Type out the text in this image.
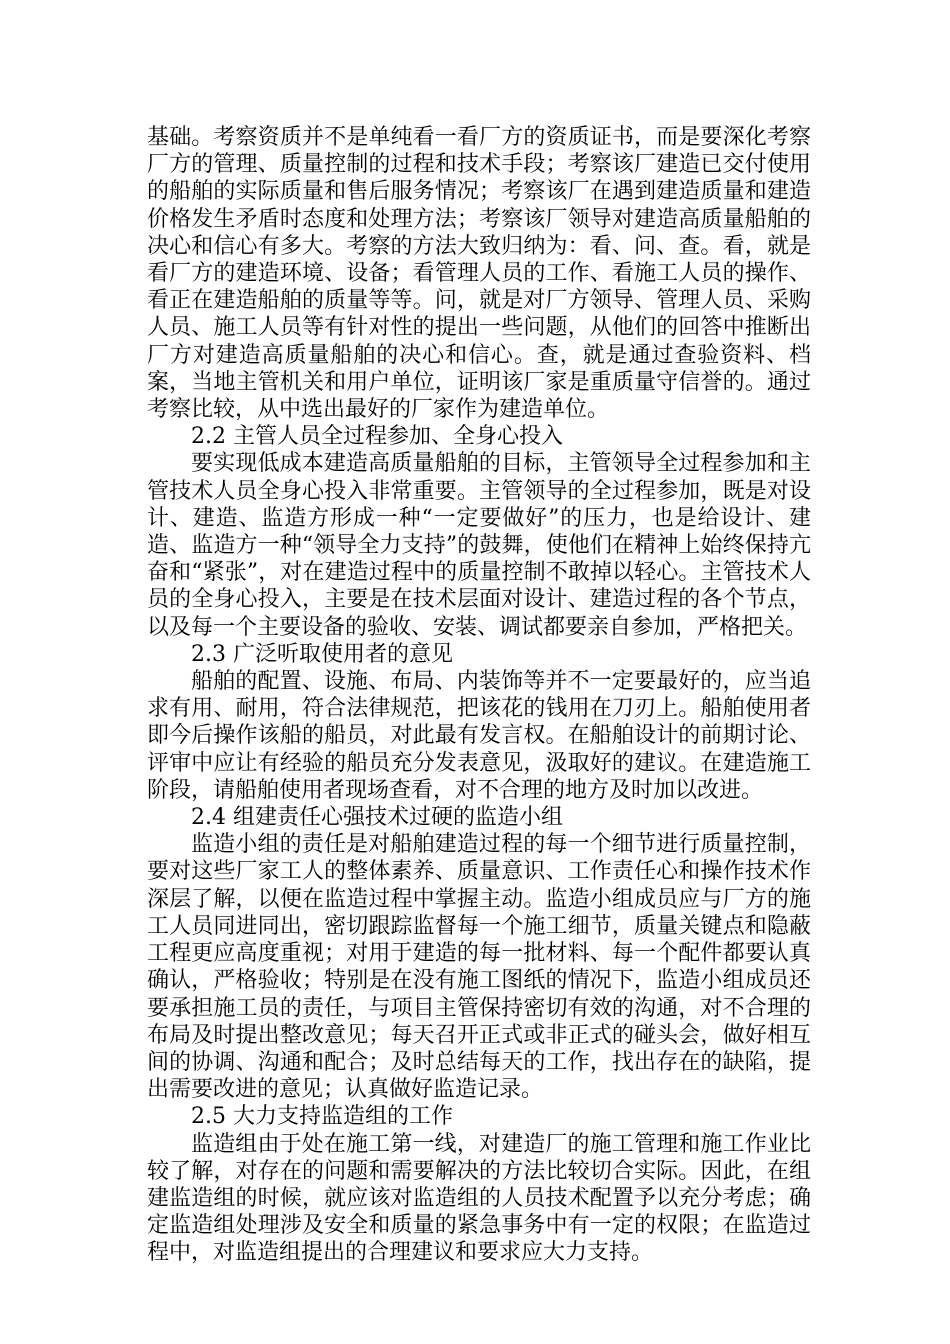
基础。考察资质并不是单纯看一看厂方的资质证书，而是要深化考察厂方的管理、质量控制的过程和技术手段；考察该厂建造已交付使用的船舶的实际质量和售后服务情况；考察该厂在遇到建造质量和建造价格发生矛盾时态度和处理方法；考察该厂领导对建造高质量船舶的决心和信心有多大。考察的方法大致归纳为：看、问、查。看，就是看厂方的建造环境、设备；看管理人员的工作、看施工人员的操作、看正在建造船舶的质量等等。问，就是对厂方领导、管理人员、采购人员、施工人员等有针对性的提出一些问题，从他们的回答中推断出厂方对建造高质量船舶的决心和信心。查，就是通过查验资料、档案，当地主管机关和用户单位，证明该厂家是重质量守信誉的。通过考察比较，从中选出最好的厂家作为建造单位。

2.2 主管人员全过程参加、全身心投入

要实现低成本建造高质量船舶的目标，主管领导全过程参加和主管技术人员全身心投入非常重要。主管领导的全过程参加，既是对设计、建造、监造方形成一种“一定要做好”的压力，也是给设计、建造、监造方一种“领导全力支持”的鼓舞，使他们在精神上始终保持亢奋和“紧张”，对在建造过程中的质量控制不敢掉以轻心。主管技术人员的全身心投入，主要是在技术层面对设计、建造过程的各个节点，以及每一个主要设备的验收、安装、调试都要亲自参加，严格把关。

2.3 广泛听取使用者的意见

船舶的配置、设施、布局、内装饰等并不一定要最好的，应当追求有用、耐用，符合法律规范，把该花的钱用在刀刃上。船舶使用者即今后操作该船的船员，对此最有发言权。在船舶设计的前期讨论、评审中应让有经验的船员充分发表意见，汲取好的建议。在建造施工阶段，请船舶使用者现场查看，对不合理的地方及时加以改进。

2.4 组建责任心强技术过硬的监造小组

监造小组的责任是对船舶建造过程的每一个细节进行质量控制，要对这些厂家工人的整体素养、质量意识、工作责任心和操作技术作深层了解，以便在监造过程中掌握主动。监造小组成员应与厂方的施工人员同进同出，密切跟踪监督每一个施工细节，质量关键点和隐蔽工程更应高度重视；对用于建造的每一批材料、每一个配件都要认真确认，严格验收；特别是在没有施工图纸的情况下，监造小组成员还要承担施工员的责任，与项目主管保持密切有效的沟通，对不合理的布局及时提出整改意见；每天召开正式或非正式的碰头会，做好相互间的协调、沟通和配合；及时总结每天的工作，找出存在的缺陷，提出需要改进的意见；认真做好监造记录。

2.5 大力支持监造组的工作

监造组由于处在施工第一线，对建造厂的施工管理和施工作业比较了解，对存在的问题和需要解决的方法比较切合实际。因此，在组建监造组的时候，就应该对监造组的人员技术配置予以充分考虑；确定监造组处理涉及安全和质量的紧急事务中有一定的权限；在监造过程中，对监造组提出的合理建议和要求应大力支持。
